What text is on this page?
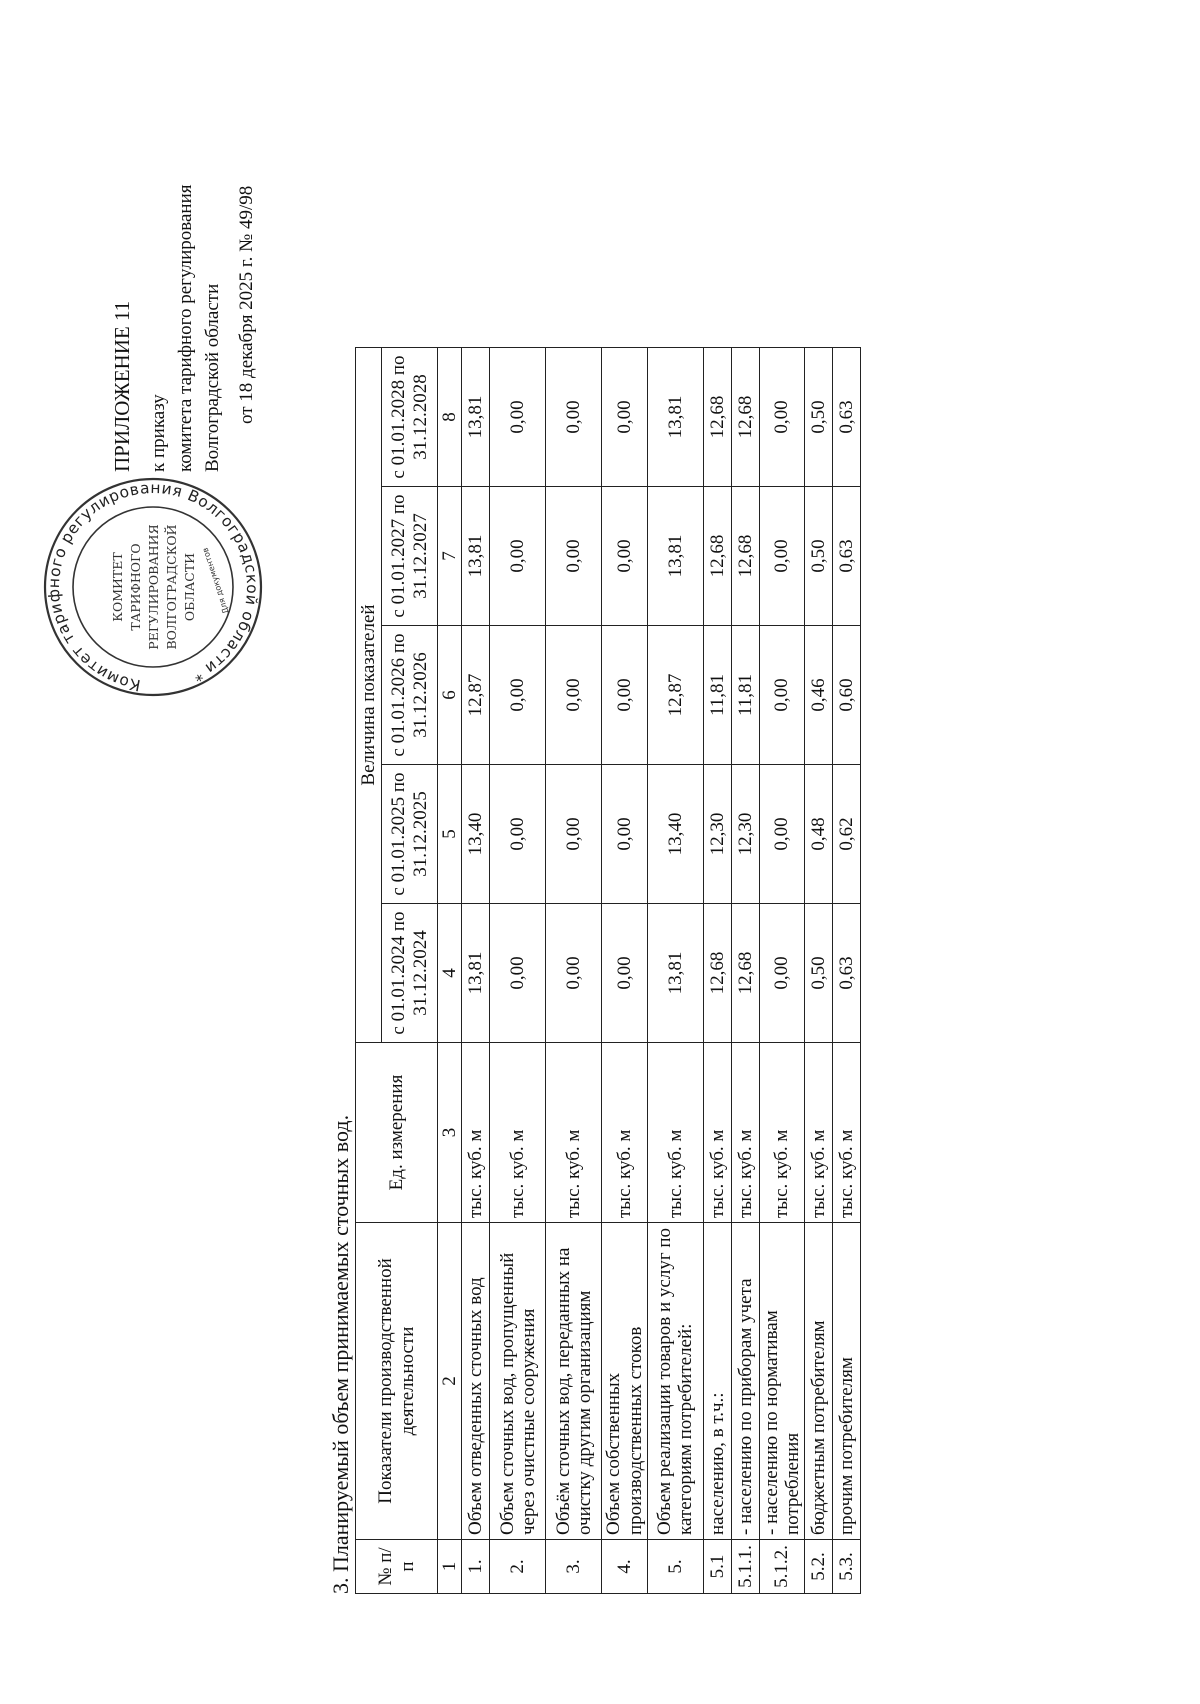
Комитет тарифного регулирования Волгоградской области *
КОМИТЕТ ТАРИФНОГО РЕГУЛИРОВАНИЯ ВОЛГОГРАДСКОЙ ОБЛАСТИ Для документов
ПРИЛОЖЕНИЕ 11 к приказу комитета тарифного регулирования Волгоградской области от 18 декабря 2025 г. № 49/98
3. Планируемый объем принимаемых сточных вод. № п/п	Показатели производственной деятельности	Ед. измерения	Величина показателей				
			с 01.01.2024 по 31.12.2024	с 01.01.2025 по 31.12.2025	с 01.01.2026 по 31.12.2026	с 01.01.2027 по 31.12.2027	с 01.01.2028 по 31.12.2028
1	2	3	4	5	6	7	8
1.	Объем отведенных сточных вод	тыс. куб. м	13,81	13,40	12,87	13,81	13,81
2.	Объем сточных вод, пропущенный через очистные сооружения	тыс. куб. м	0,00	0,00	0,00	0,00	0,00
3.	Объём сточных вод, переданных на очистку другим организациям	тыс. куб. м	0,00	0,00	0,00	0,00	0,00
4.	Объем собственных производственных стоков	тыс. куб. м	0,00	0,00	0,00	0,00	0,00
5.	Объем реализации товаров и услуг по категориям потребителей:	тыс. куб. м	13,81	13,40	12,87	13,81	13,81
5.1	населению, в т.ч.:	тыс. куб. м	12,68	12,30	11,81	12,68	12,68
5.1.1.	- населению по приборам учета	тыс. куб. м	12,68	12,30	11,81	12,68	12,68
5.1.2.	- населению по нормативам потребления	тыс. куб. м	0,00	0,00	0,00	0,00	0,00
5.2.	бюджетным потребителям	тыс. куб. м	0,50	0,48	0,46	0,50	0,50
5.3.	прочим потребителям	тыс. куб. м	0,63	0,62	0,60	0,63	0,63
